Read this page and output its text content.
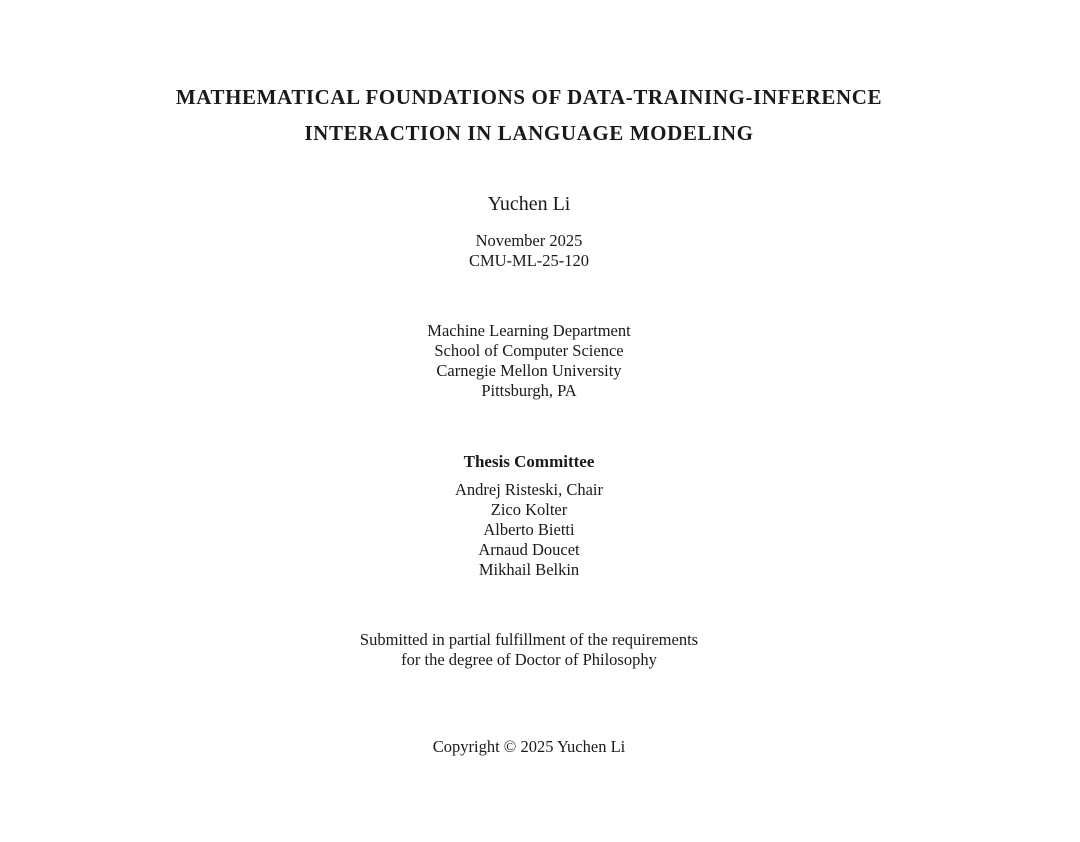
MATHEMATICAL FOUNDATIONS OF DATA-TRAINING-INFERENCE
INTERACTION IN LANGUAGE MODELING
Yuchen Li
November 2025
CMU-ML-25-120
Machine Learning Department
School of Computer Science
Carnegie Mellon University
Pittsburgh, PA
Thesis Committee
Andrej Risteski, Chair
Zico Kolter
Alberto Bietti
Arnaud Doucet
Mikhail Belkin
Submitted in partial fulfillment of the requirements
for the degree of Doctor of Philosophy
Copyright © 2025 Yuchen Li
